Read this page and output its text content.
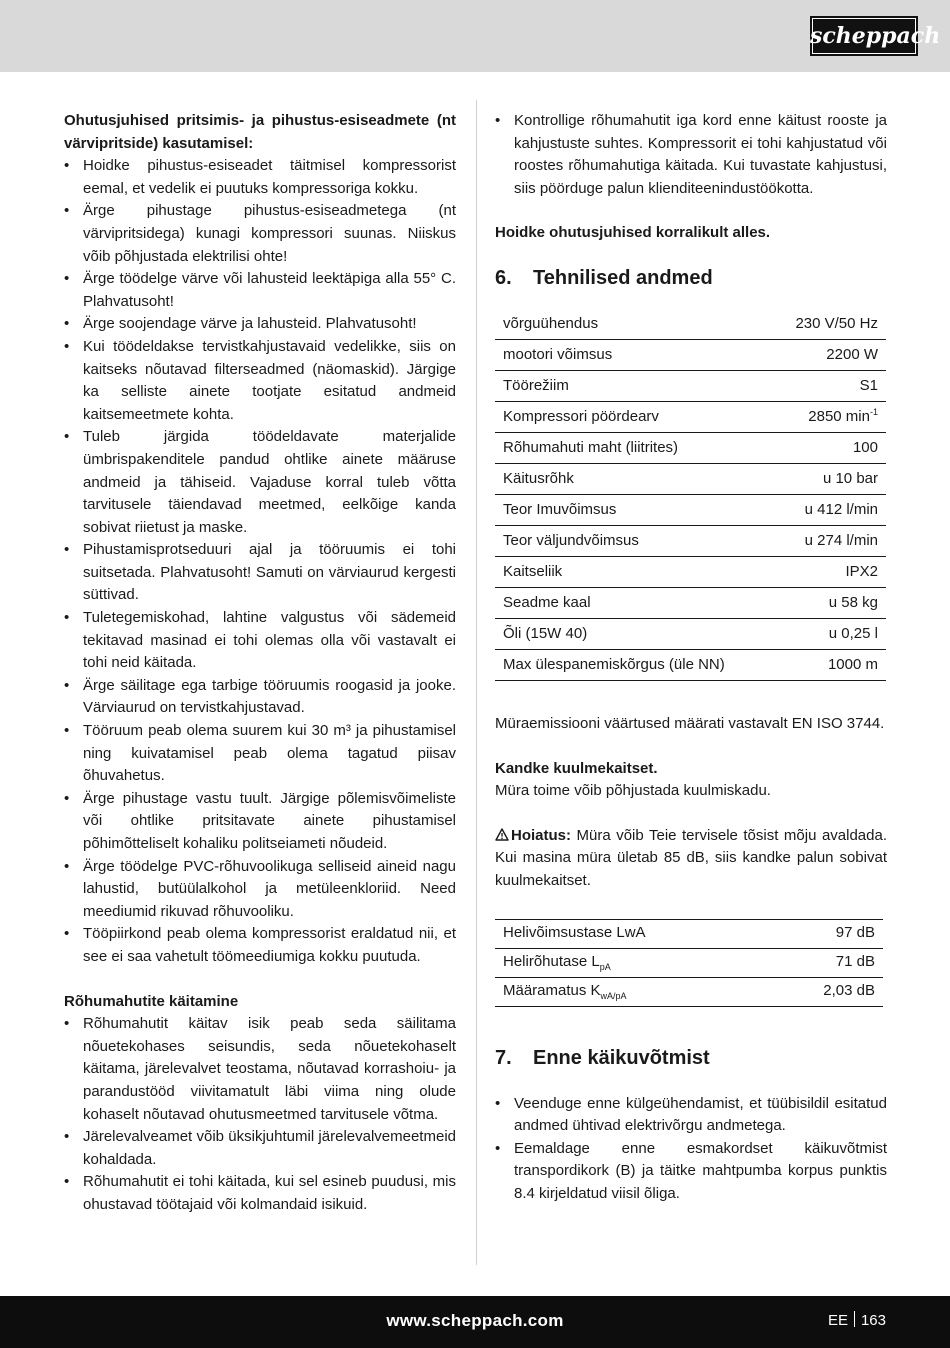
scheppach

Ohutusjuhised pritsimis- ja pihustus-esiseadmete (nt värvipritside) kasutamisel:

• Hoidke pihustus-esiseadet täitmisel kompressorist eemal, et vedelik ei puutuks kompressoriga kokku.
• Ärge pihustage pihustus-esiseadmetega (nt värvipritsidega) kunagi kompressori suunas. Niiskus võib põhjustada elektrilisi ohte!
• Ärge töödelge värve või lahusteid leektäpiga alla 55° C. Plahvatusoht!
• Ärge soojendage värve ja lahusteid. Plahvatusoht!
• Kui töödeldakse tervistkahjustavaid vedelikke, siis on kaitseks nõutavad filterseadmed (näomaskid). Järgige ka selliste ainete tootjate esitatud andmeid kaitsemeetmete kohta.
• Tuleb järgida töödeldavate materjalide ümbrispakenditele pandud ohtlike ainete määruse andmeid ja tähiseid. Vajaduse korral tuleb võtta tarvitusele täiendavad meetmed, eelkõige kanda sobivat riietust ja maske.
• Pihustamisprotseduuri ajal ja tööruumis ei tohi suitsetada. Plahvatusoht! Samuti on värviaurud kergesti süttivad.
• Tuletegemiskohad, lahtine valgustus või sädemeid tekitavad masinad ei tohi olemas olla või vastavalt ei tohi neid käitada.
• Ärge säilitage ega tarbige tööruumis roogasid ja jooke. Värviaurud on tervistkahjustavad.
• Tööruum peab olema suurem kui 30 m³ ja pihustamisel ning kuivatamisel peab olema tagatud piisav õhuvahetus.
• Ärge pihustage vastu tuult. Järgige põlemisvõimeliste või ohtlike pritsitavate ainete pihustamisel põhimõtteliselt kohaliku politseiameti nõudeid.
• Ärge töödelge PVC-rõhuvoolikuga selliseid aineid nagu lahustid, butüülalkohol ja metüleenkloriid. Need meediumid rikuvad rõhuvooliku.
• Tööpiirkond peab olema kompressorist eraldatud nii, et see ei saa vahetult töömeediumiga kokku puutuda.

Rõhumahutite käitamine

• Rõhumahutit käitav isik peab seda säilitama nõuetekohases seisundis, seda nõuetekohaselt käitama, järelevalvet teostama, nõutavad korrashoiu- ja parandustööd viivitamatult läbi viima ning olude kohaselt nõutavad ohutusmeetmed tarvitusele võtma.
• Järelevalveamet võib üksikjuhtumil järelevalvemeetmeid kohaldada.
• Rõhumahutit ei tohi käitada, kui sel esineb puudusi, mis ohustavad töötajaid või kolmandaid isikuid.
• Kontrollige rõhumahutit iga kord enne käitust rooste ja kahjustuste suhtes. Kompressorit ei tohi kahjustatud või roostes rõhumahutiga käitada. Kui tuvastate kahjustusi, siis pöörduge palun klienditeenindustöökotta.

Hoidke ohutusjuhised korralikult alles.

6. Tehnilised andmed
võrguühendus	230 V/50 Hz
mootori võimsus	2200 W
Töörežiim	S1
Kompressori pöördearv	2850 $\min^{-1}$
Rõhumahuti maht (liitrites)	100
Käitusrõhk	u 10 bar
Teor Imuvõimsus	u 412 l/min
Teor väljundvõimsus	u 274 l/min
Kaitseliik	IPX2
Seadme kaal	u 58 kg
Õli (15W 40)	u 0,25 l
Max ülespanemiskõrgus (üle NN)	1000 m

Müraemissiooni väärtused määrati vastavalt EN ISO 3744.

Kandke kuulmekaitset.

Müra toime võib põhjustada kuulmiskadu.

Hoiatus: Müra võib Teie tervisele tõsist mõju avaldada. Kui masina müra ületab 85 dB, siis kandke palun sobivat kuulmekaitset.

Helivõimsustase LwA	97 dB
Helirõhutase $L_{pA}$	71 dB
Määramatus $K_{wA/pA}$	2,03 dB
7. Enne käikuvõtmist
• Veenduge enne külgeühendamist, et tüübisildil esitatud andmed ühtivad elektrivõrgu andmetega.
• Eemaldage enne esmakordset käikuvõtmist transpordikork (B) ja täitke mahtpumba korpus punktis 8.4 kirjeldatud viisil õliga.
www.scheppach.com	EE 163
